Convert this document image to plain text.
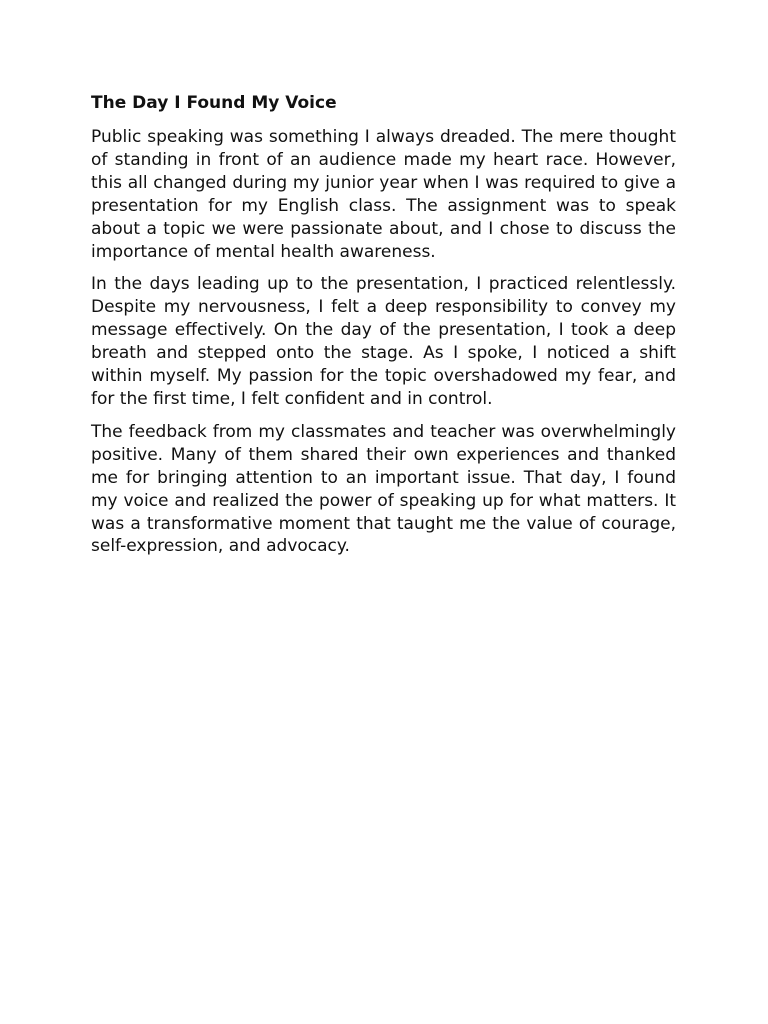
The Day I Found My Voice

Public speaking was something I always dreaded. The mere thought of standing in front of an audience made my heart race. However, this all changed during my junior year when I was required to give a presentation for my English class. The assignment was to speak about a topic we were passionate about, and I chose to discuss the importance of mental health awareness.

In the days leading up to the presentation, I practiced relentlessly. Despite my nervousness, I felt a deep responsibility to convey my message effectively. On the day of the presentation, I took a deep breath and stepped onto the stage. As I spoke, I noticed a shift within myself. My passion for the topic overshadowed my fear, and for the first time, I felt confident and in control.

The feedback from my classmates and teacher was overwhelmingly positive. Many of them shared their own experiences and thanked me for bringing attention to an important issue. That day, I found my voice and realized the power of speaking up for what matters. It was a transformative moment that taught me the value of courage, self-expression, and advocacy.
